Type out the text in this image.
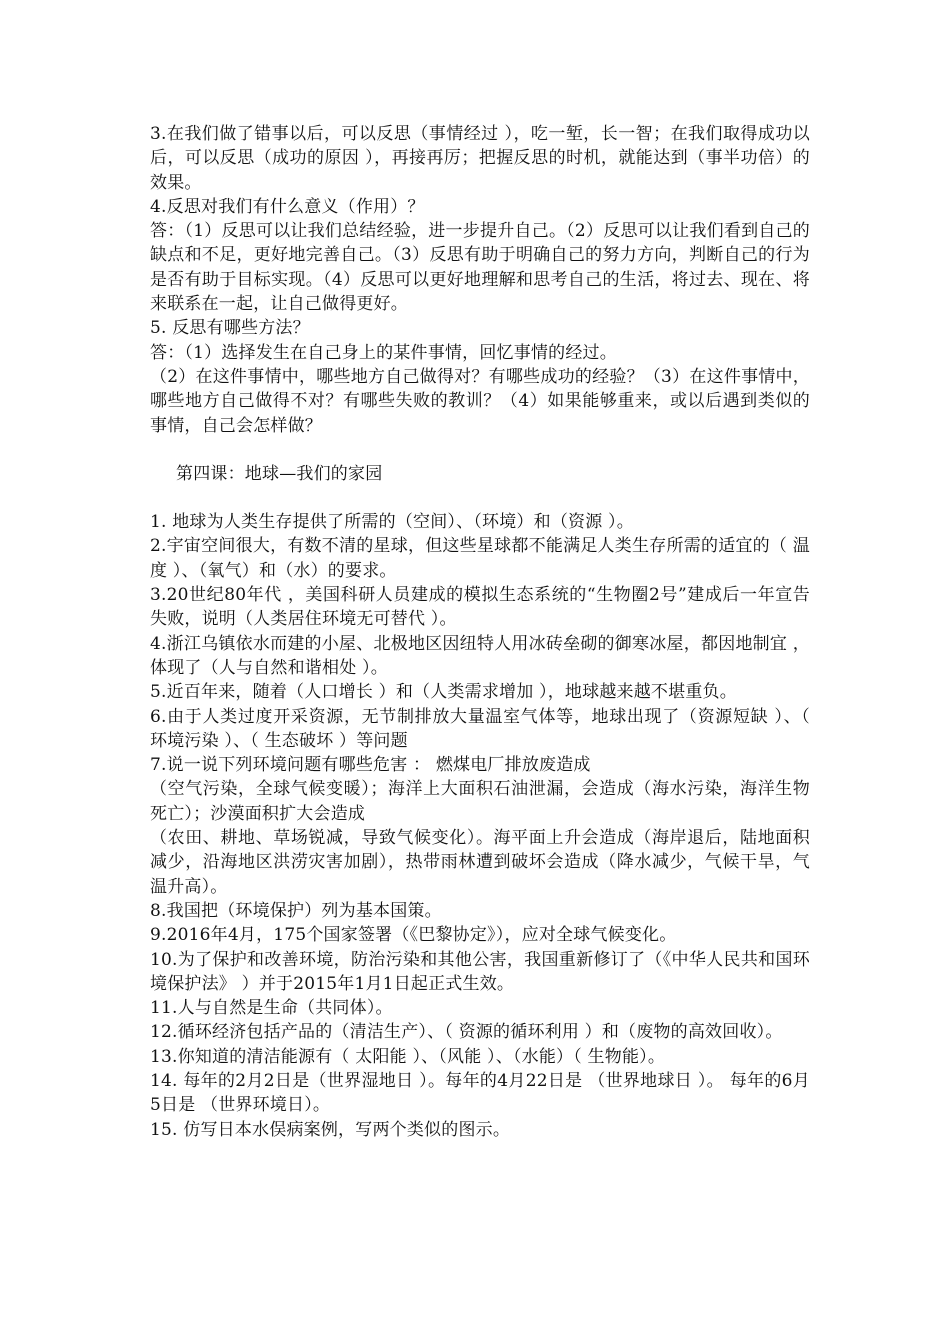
3.在我们做了错事以后，可以反思（事情经过 ），吃一堑，长一智；在我们取得成功以后，可以反思（成功的原因 ），再接再厉；把握反思的时机，就能达到（事半功倍）的效果。

4.反思对我们有什么意义（作用）？

答：（1）反思可以让我们总结经验，进一步提升自己。（2）反思可以让我们看到自己的缺点和不足，更好地完善自己。（3）反思有助于明确自己的努力方向，判断自己的行为是否有助于目标实现。（4）反思可以更好地理解和思考自己的生活，将过去、现在、将来联系在一起，让自己做得更好。

5. 反思有哪些方法？

答：（1）选择发生在自己身上的某件事情，回忆事情的经过。

（2）在这件事情中，哪些地方自己做得对？有哪些成功的经验？（3）在这件事情中，哪些地方自己做得不对？有哪些失败的教训？（4）如果能够重来，或以后遇到类似的事情，自己会怎样做？

第四课：地球—我们的家园

1. 地球为人类生存提供了所需的（空间）、（环境）和（资源 ）。

2.宇宙空间很大，有数不清的星球，但这些星球都不能满足人类生存所需的适宜的（ 温度 ）、（氧气）和（水）的要求。

3.20世纪80年代 ，美国科研人员建成的模拟生态系统的“生物圈2号”建成后一年宣告失败，说明（人类居住环境无可替代 ）。

4.浙江乌镇依水而建的小屋、北极地区因纽特人用冰砖垒砌的御寒冰屋，都因地制宜 ，体现了（人与自然和谐相处 ）。

5.近百年来，随着（人口增长 ）和（人类需求增加 ），地球越来越不堪重负。

6.由于人类过度开采资源，无节制排放大量温室气体等，地球出现了（资源短缺 ）、（ 环境污染 ）、（ 生态破坏 ）等问题

7.说一说下列环境问题有哪些危害 ： 燃煤电厂排放废造成

（空气污染，全球气候变暖）；海洋上大面积石油泄漏，会造成（海水污染，海洋生物死亡）；沙漠面积扩大会造成

（农田、耕地、草场锐减，导致气候变化）。海平面上升会造成（海岸退后，陆地面积减少，沿海地区洪涝灾害加剧），热带雨林遭到破坏会造成（降水减少，气候干旱，气温升高）。

8.我国把（环境保护）列为基本国策。

9.2016年4月，175个国家签署（《巴黎协定》），应对全球气候变化。

10.为了保护和改善环境，防治污染和其他公害，我国重新修订了（《中华人民共和国环境保护法》 ）并于2015年1月1日起正式生效。

11.人与自然是生命（共同体）。

12.循环经济包括产品的（清洁生产）、（ 资源的循环利用 ）和（废物的高效回收）。

13.你知道的清洁能源有（ 太阳能 ）、（风能 ）、（水能）（ 生物能）。

14. 每年的2月2日是（世界湿地日 ）。每年的4月22日是 （世界地球日 ）。 每年的6月5日是 （世界环境日）。

15. 仿写日本水俣病案例，写两个类似的图示。
